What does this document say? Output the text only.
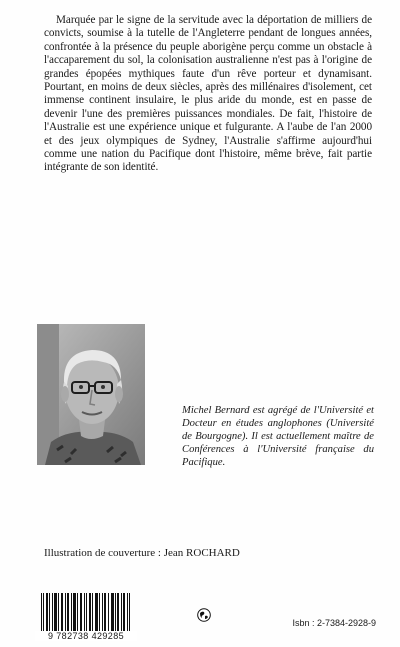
Marquée par le signe de la servitude avec la déportation de milliers de convicts, soumise à la tutelle de l'Angleterre pendant de longues années, confrontée à la présence du peuple aborigène perçu comme un obstacle à l'accaparement du sol, la colonisation australienne n'est pas à l'origine de grandes épopées mythiques faute d'un rêve porteur et dynamisant. Pourtant, en moins de deux siècles, après des millénaires d'isolement, cet immense continent insulaire, le plus aride du monde, est en passe de devenir l'une des premières puissances mondiales. De fait, l'histoire de l'Australie est une expérience unique et fulgurante. A l'aube de l'an 2000 et des jeux olympiques de Sydney, l'Australie s'affirme aujourd'hui comme une nation du Pacifique dont l'histoire, même brève, fait partie intégrante de son identité.

Michel Bernard est agrégé de l'Université et Docteur en études anglophones (Université de Bourgogne). Il est actuellement maître de Conférences à l'Université française du Pacifique.

Illustration de couverture : Jean ROCHARD

9 782738 429285

Isbn : 2-7384-2928-9
